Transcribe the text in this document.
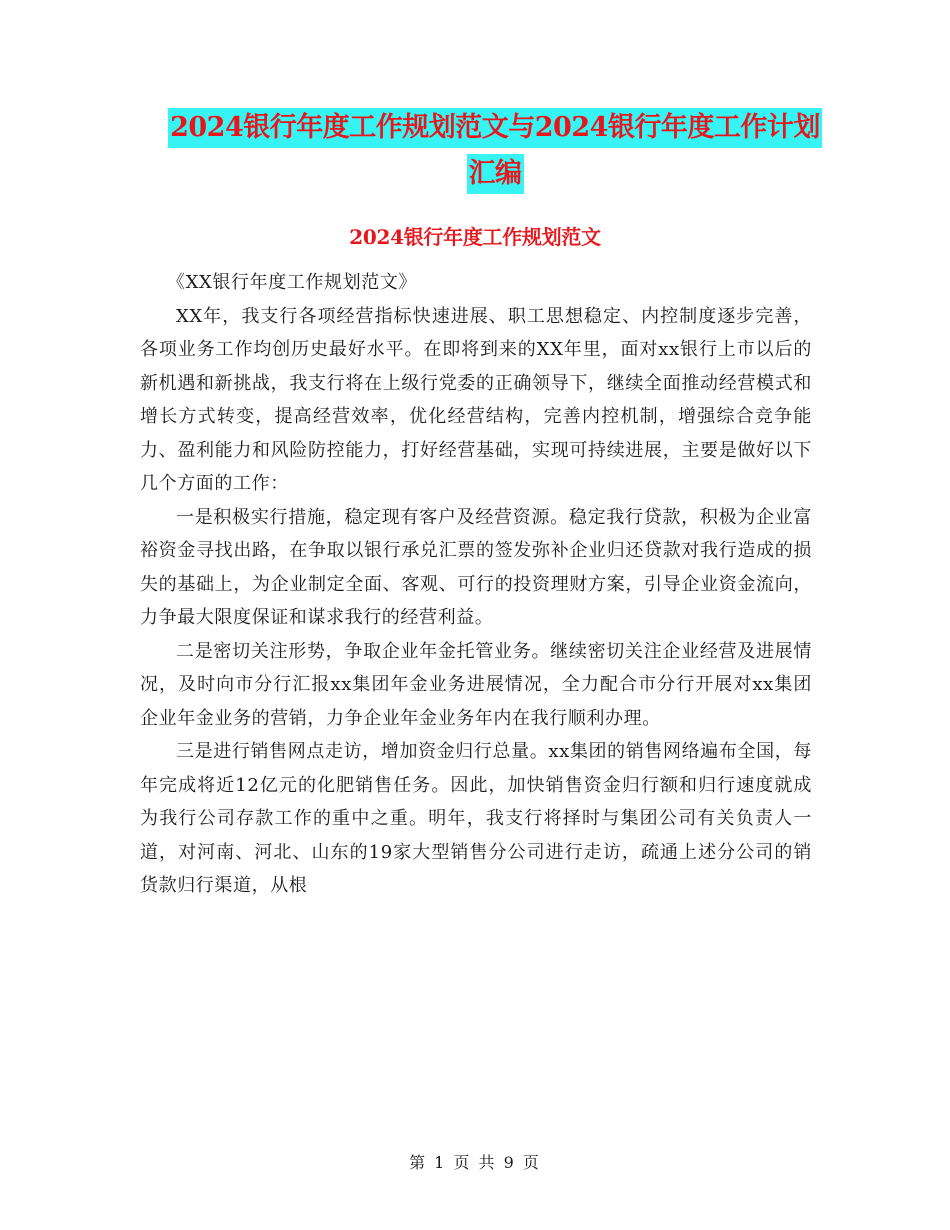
2024银行年度工作规划范文与2024银行年度工作计划
汇编
2024银行年度工作规划范文

《XX银行年度工作规划范文》

XX年，我支行各项经营指标快速进展、职工思想稳定、内控制度逐步完善，各项业务工作均创历史最好水平。在即将到来的XX年里，面对xx银行上市以后的新机遇和新挑战，我支行将在上级行党委的正确领导下，继续全面推动经营模式和增长方式转变，提高经营效率，优化经营结构，完善内控机制，增强综合竞争能力、盈利能力和风险防控能力，打好经营基础，实现可持续进展，主要是做好以下几个方面的工作：

一是积极实行措施，稳定现有客户及经营资源。稳定我行贷款，积极为企业富裕资金寻找出路，在争取以银行承兑汇票的签发弥补企业归还贷款对我行造成的损失的基础上，为企业制定全面、客观、可行的投资理财方案，引导企业资金流向，力争最大限度保证和谋求我行的经营利益。

二是密切关注形势，争取企业年金托管业务。继续密切关注企业经营及进展情况，及时向市分行汇报xx集团年金业务进展情况，全力配合市分行开展对xx集团企业年金业务的营销，力争企业年金业务年内在我行顺利办理。

三是进行销售网点走访，增加资金归行总量。xx集团的销售网络遍布全国，每年完成将近12亿元的化肥销售任务。因此，加快销售资金归行额和归行速度就成为我行公司存款工作的重中之重。明年，我支行将择时与集团公司有关负责人一道，对河南、河北、山东的19家大型销售分公司进行走访，疏通上述分公司的销货款归行渠道，从根

第 1 页 共 9 页
